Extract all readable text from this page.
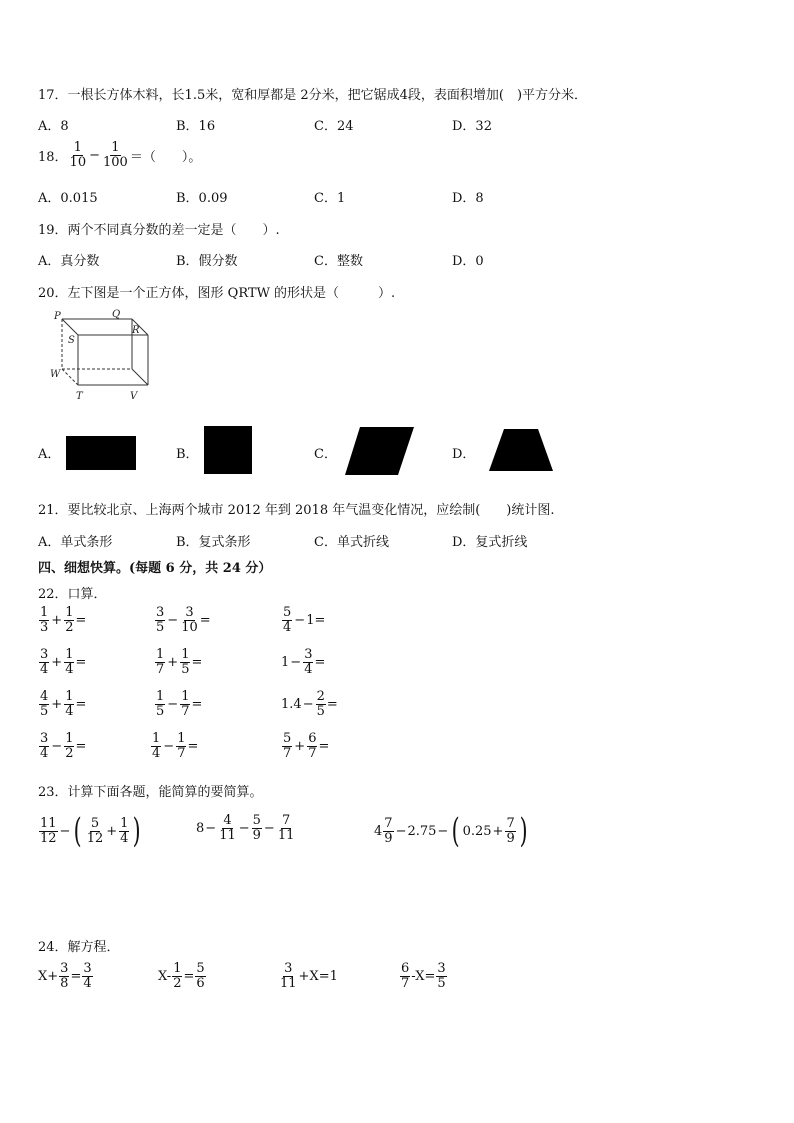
17．一根长方体木料，长1.5米，宽和厚都是 2分米，把它锯成4段，表面积增加(　)平方分米．
A．8	B．16	C．24	D．32
18． $\frac{1}{10} - \frac{1}{100}$ ＝（　　）。
A．0.015	B．0.09	C．1	D．8
19．两个不同真分数的差一定是（　　）.
A．真分数	B．假分数	C．整数	D．0
20．左下图是一个正方体，图形 QRTW 的形状是（　　　）.
P	Q
R
S
W
T	V
A．	B．	C．	D．
21．要比较北京、上海两个城市 2012 年到 2018 年气温变化情况，应绘制(　　)统计图.
A．单式条形	B．复式条形	C．单式折线	D．复式折线
四、细想快算。(每题 6 分，共 24 分）
22．口算．
$\frac{1}{3} + \frac{1}{2}$ =	$\frac{3}{5} - \frac{3}{10}$ =	$\frac{5}{4} - 1$ =
$\frac{3}{4} + \frac{1}{4}$ =	$\frac{1}{7} + \frac{1}{5}$ =	$1 - \frac{3}{4}$ =
$\frac{4}{5} + \frac{1}{4}$ =	$\frac{1}{5} - \frac{1}{7}$ =	$1.4 - \frac{2}{5}$ =
$\frac{3}{4} - \frac{1}{2}$ =	$\frac{1}{4} - \frac{1}{7}$ =	$\frac{5}{7} + \frac{6}{7}$ =
23．计算下面各题，能简算的要简算。
$\frac{11}{12}$ − ( $\frac{5}{12} + \frac{1}{4}$ )	$8 - \frac{4}{11} - \frac{5}{9} - \frac{7}{11}$	$4 \frac{7}{9} - 2.75$ − ( $0.25 + \frac{7}{9}$ )
24．解方程．
$X+ \frac{3}{8} = \frac{3}{4}$	$X- \frac{1}{2} = \frac{5}{6}$	$\frac{3}{11} +X=1$	$\frac{6}{7} -X= \frac{3}{5}$
